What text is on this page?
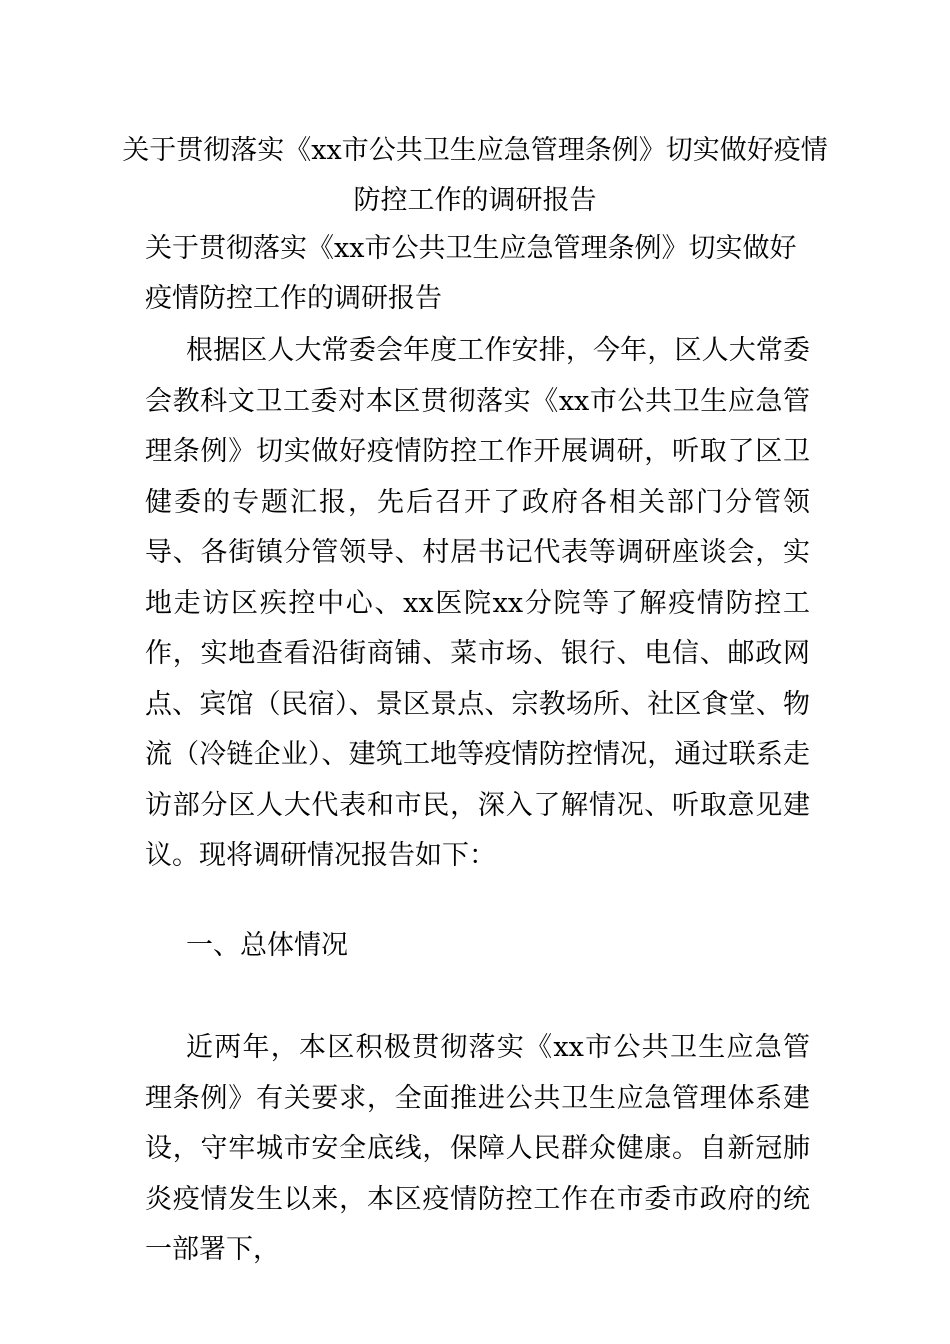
关于贯彻落实《xx市公共卫生应急管理条例》切实做好疫情防控工作的调研报告

关于贯彻落实《xx市公共卫生应急管理条例》切实做好疫情防控工作的调研报告

根据区人大常委会年度工作安排，今年，区人大常委会教科文卫工委对本区贯彻落实《xx市公共卫生应急管理条例》切实做好疫情防控工作开展调研，听取了区卫健委的专题汇报，先后召开了政府各相关部门分管领导、各街镇分管领导、村居书记代表等调研座谈会，实地走访区疾控中心、xx医院xx分院等了解疫情防控工作，实地查看沿街商铺、菜市场、银行、电信、邮政网点、宾馆（民宿）、景区景点、宗教场所、社区食堂、物流（冷链企业）、建筑工地等疫情防控情况，通过联系走访部分区人大代表和市民，深入了解情况、听取意见建议。现将调研情况报告如下：

一、总体情况

近两年，本区积极贯彻落实《xx市公共卫生应急管理条例》有关要求，全面推进公共卫生应急管理体系建设，守牢城市安全底线，保障人民群众健康。自新冠肺炎疫情发生以来，本区疫情防控工作在市委市政府的统一部署下，
